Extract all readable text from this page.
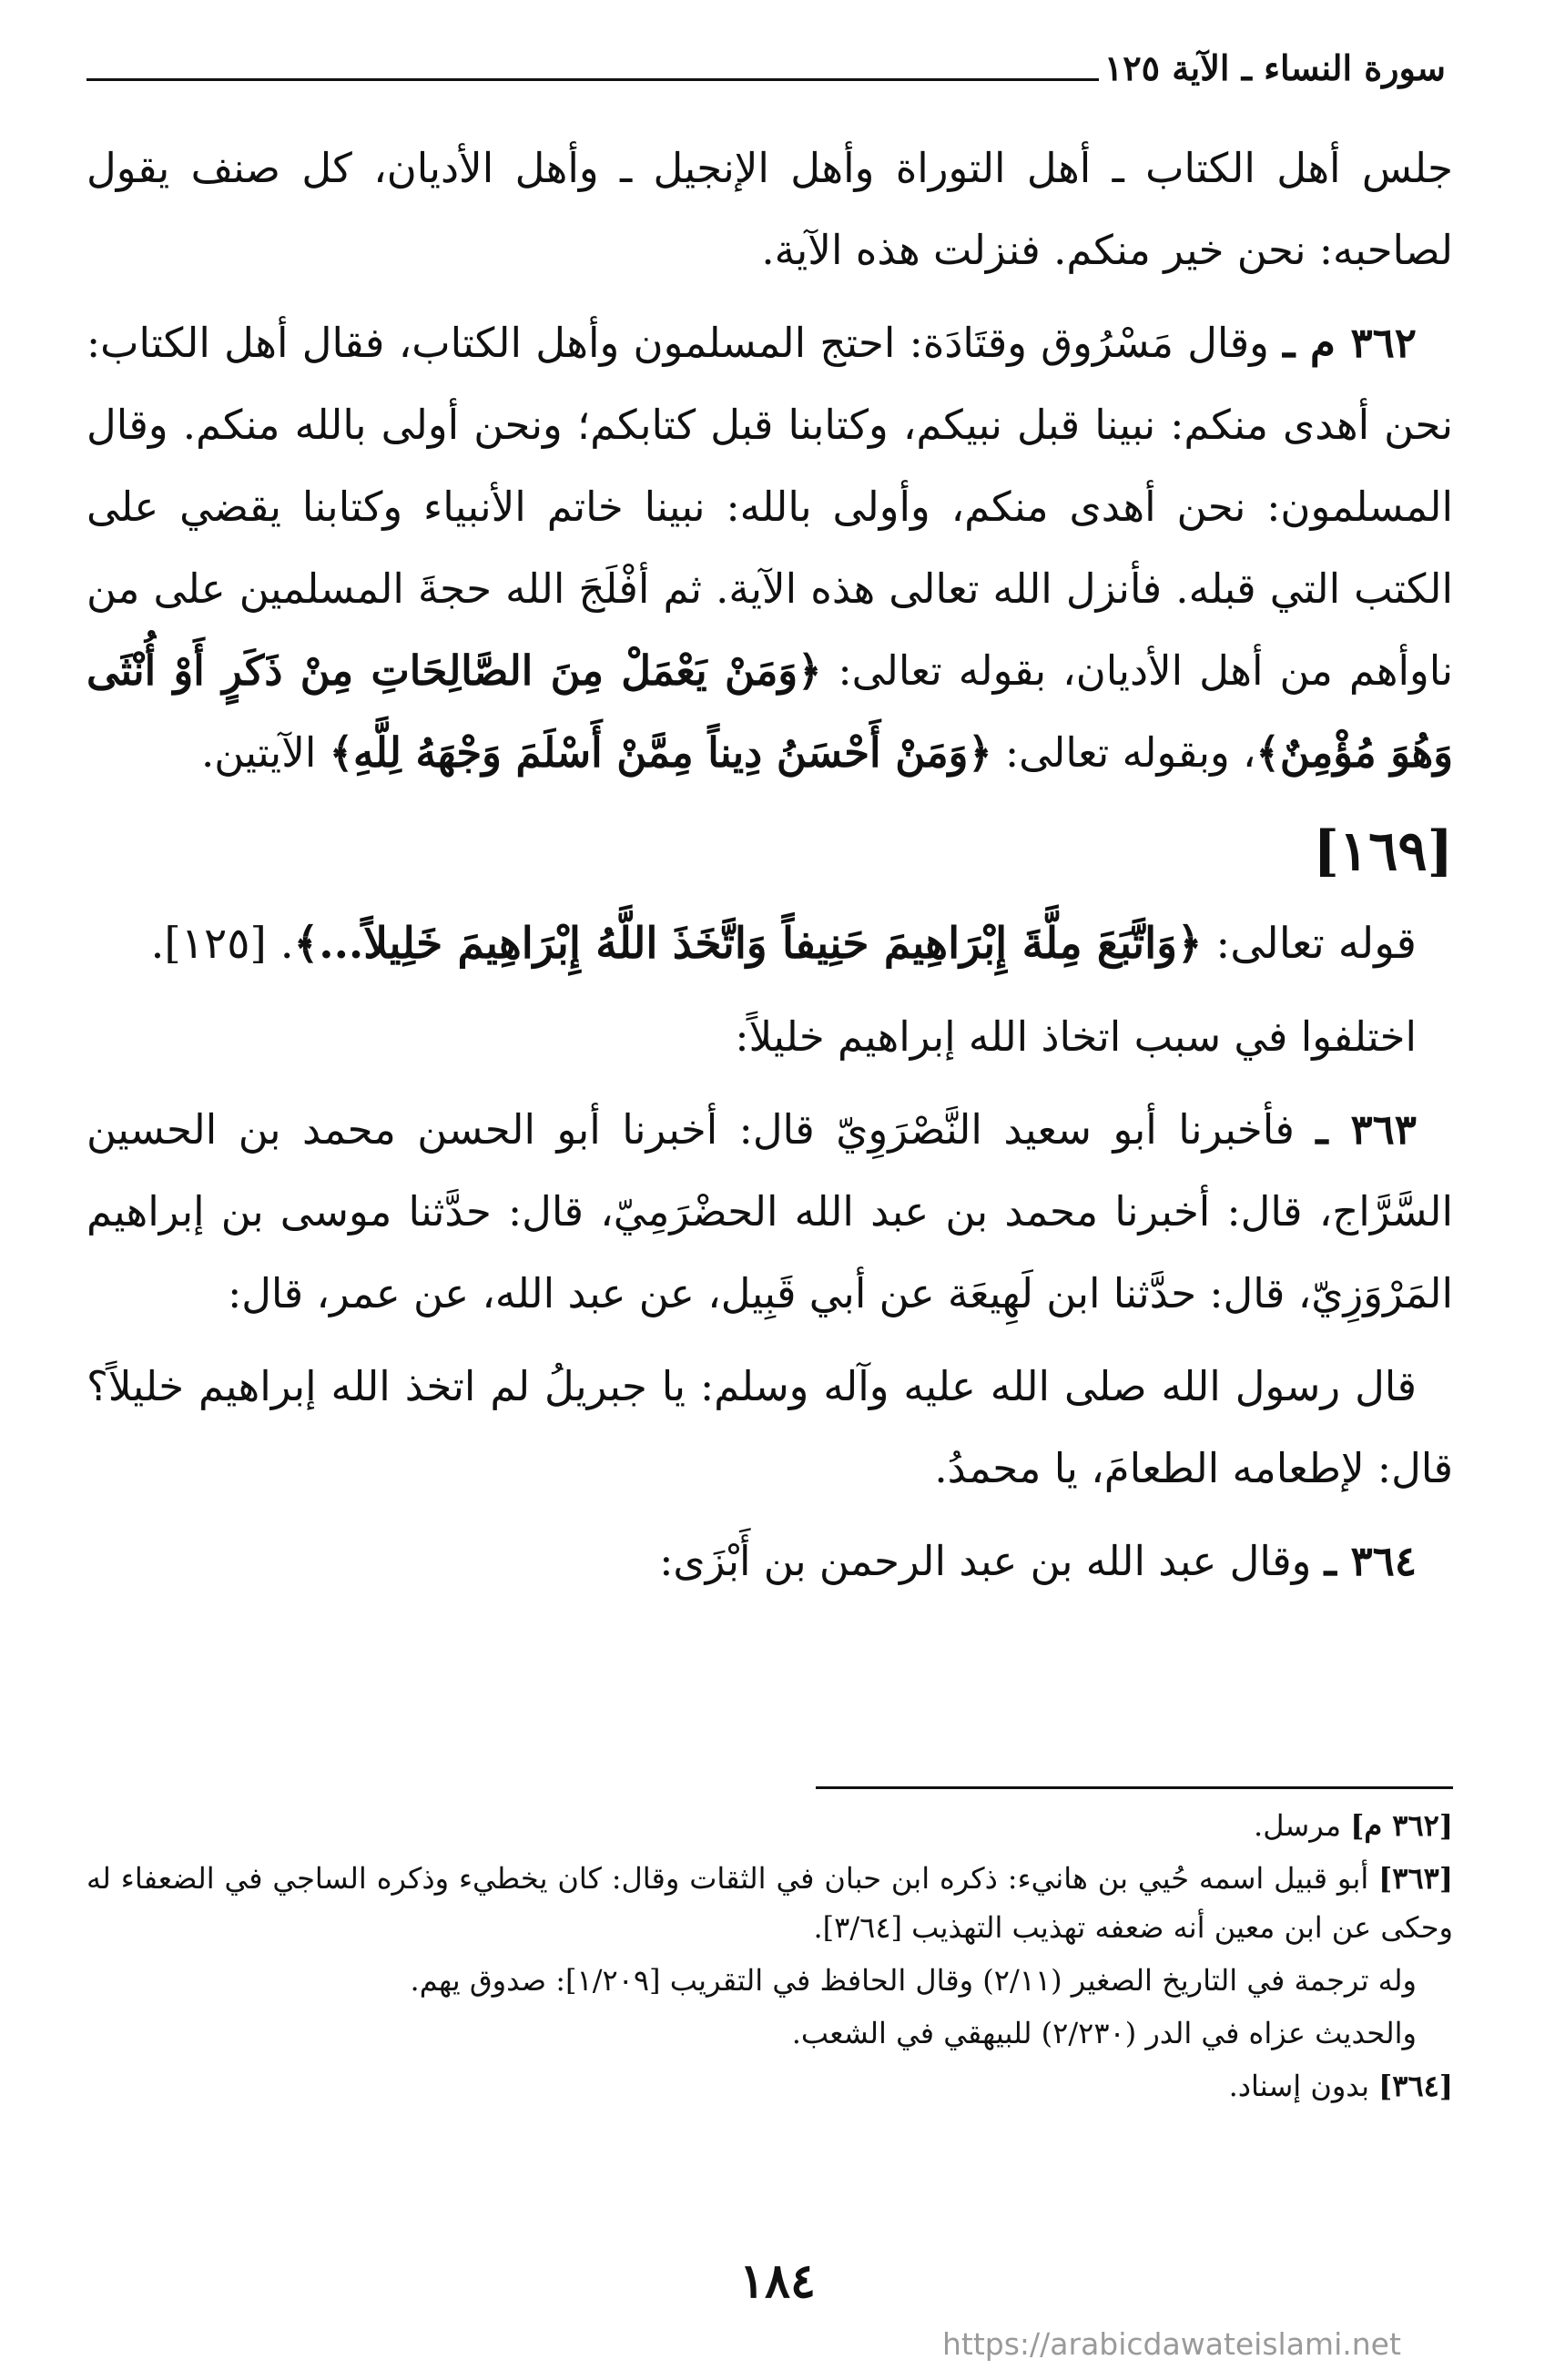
سورة النساء ـ الآية ١٢٥

جلس أهل الكتاب ـ أهل التوراة وأهل الإنجيل ـ وأهل الأديان، كل صنف يقول لصاحبه: نحن خير منكم. فنزلت هذه الآية.

٣٦٢ م ـ وقال مَسْرُوق وقتَادَة: احتج المسلمون وأهل الكتاب، فقال أهل الكتاب: نحن أهدى منكم: نبينا قبل نبيكم، وكتابنا قبل كتابكم؛ ونحن أولى بالله منكم. وقال المسلمون: نحن أهدى منكم، وأولى بالله: نبينا خاتم الأنبياء وكتابنا يقضي على الكتب التي قبله. فأنزل الله تعالى هذه الآية. ثم أفْلَجَ الله حجةَ المسلمين على من ناوأهم من أهل الأديان، بقوله تعالى: ﴿وَمَنْ يَعْمَلْ مِنَ الصَّالِحَاتِ مِنْ ذَكَرٍ أَوْ أُنْثَى وَهُوَ مُؤْمِنٌ﴾، وبقوله تعالى: ﴿وَمَنْ أَحْسَنُ دِيناً مِمَّنْ أَسْلَمَ وَجْهَهُ لِلَّهِ﴾ الآيتين.

[١٦٩]

قوله تعالى: ﴿وَاتَّبَعَ مِلَّةَ إِبْرَاهِيمَ حَنِيفاً وَاتَّخَذَ اللَّهُ إِبْرَاهِيمَ خَلِيلاً...﴾. [١٢٥].

اختلفوا في سبب اتخاذ الله إبراهيم خليلاً:

٣٦٣ ـ فأخبرنا أبو سعيد النَّصْرَوِيّ قال: أخبرنا أبو الحسن محمد بن الحسين السَّرَّاج، قال: أخبرنا محمد بن عبد الله الحضْرَمِيّ، قال: حدَّثنا موسى بن إبراهيم المَرْوَزِيّ، قال: حدَّثنا ابن لَهِيعَة عن أبي قَبِيل، عن عبد الله، عن عمر، قال:

قال رسول الله صلى الله عليه وآله وسلم: يا جبريلُ لم اتخذ الله إبراهيم خليلاً؟ قال: لإطعامه الطعامَ، يا محمدُ.

٣٦٤ ـ وقال عبد الله بن عبد الرحمن بن أَبْزَى:

[٣٦٢ م] مرسل.

[٣٦٣] أبو قبيل اسمه حُيي بن هانيء: ذكره ابن حبان في الثقات وقال: كان يخطيء وذكره الساجي في الضعفاء له وحكى عن ابن معين أنه ضعفه تهذيب التهذيب [٣/٦٤].

وله ترجمة في التاريخ الصغير (٢/١١) وقال الحافظ في التقريب [١/٢٠٩]: صدوق يهم.

والحديث عزاه في الدر (٢/٢٣٠) للبيهقي في الشعب.

[٣٦٤] بدون إسناد.

١٨٤
https://arabicdawateislami.net
